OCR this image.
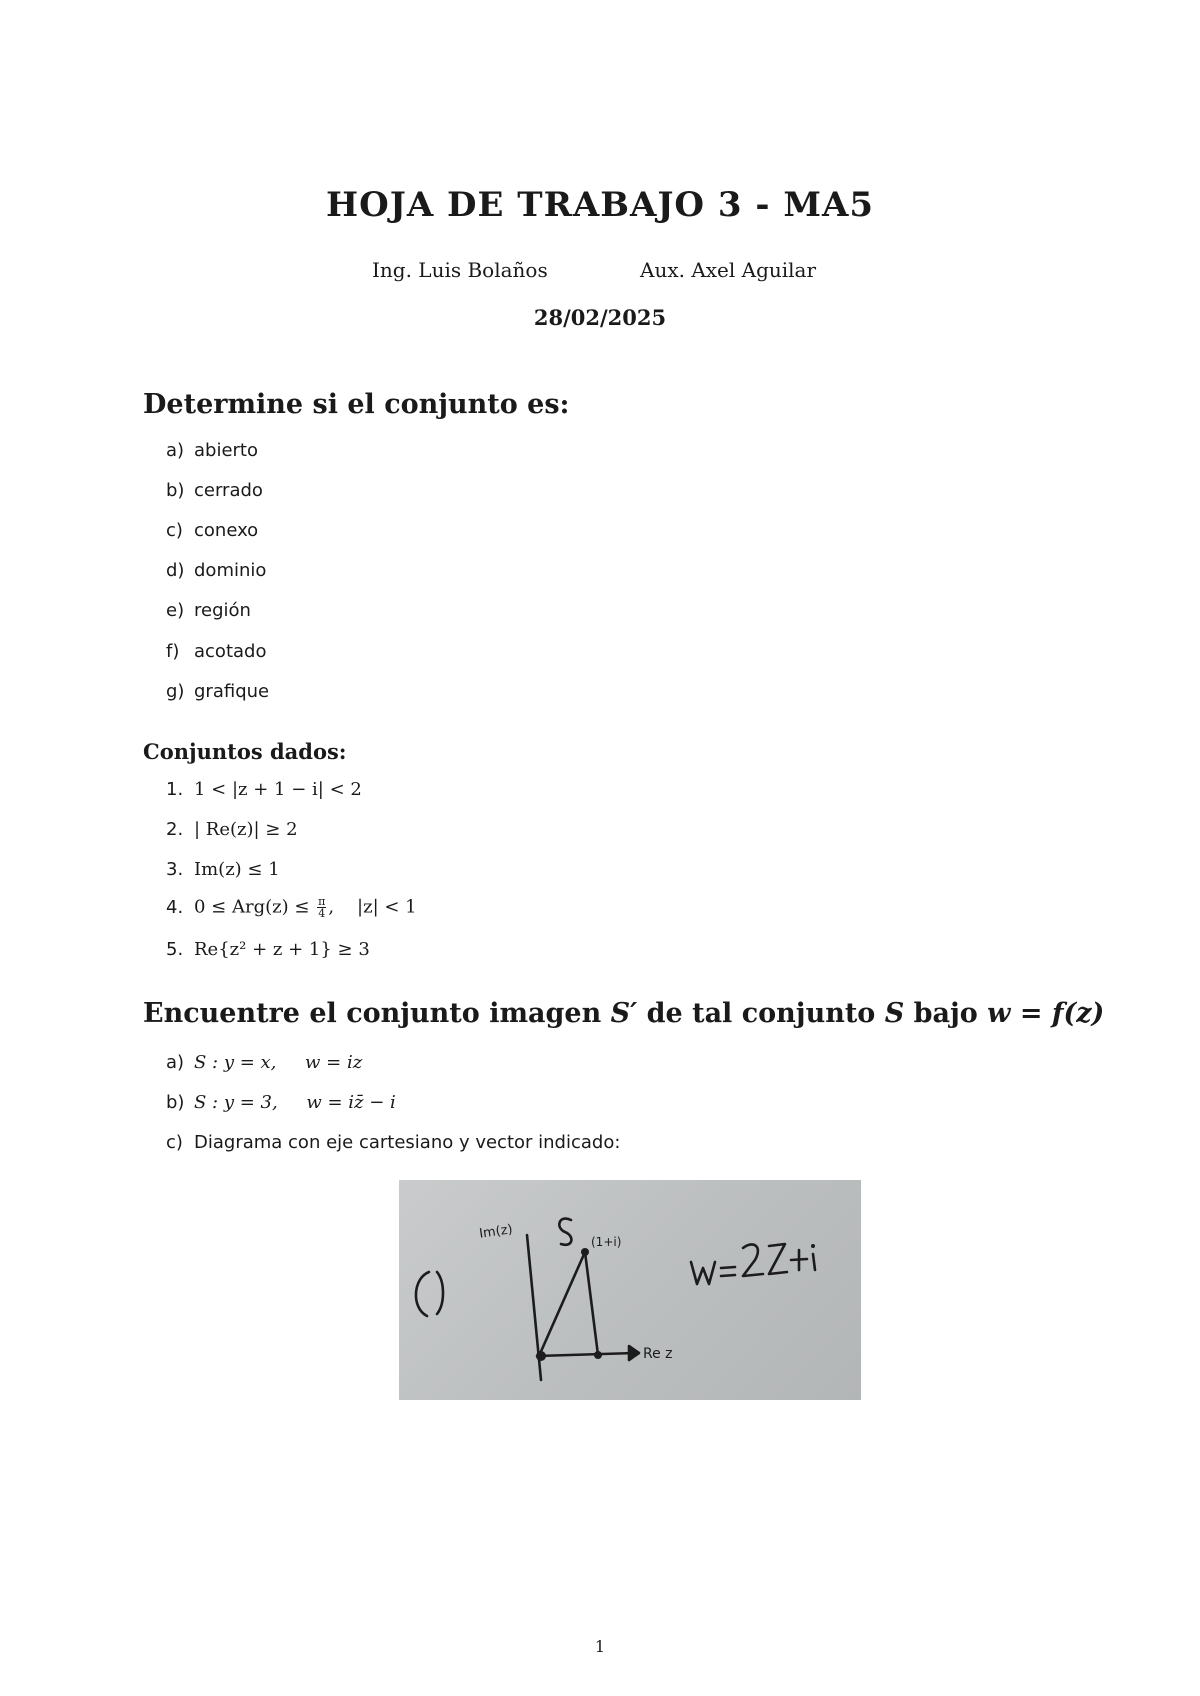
HOJA DE TRABAJO 3 - MA5
Ing. Luis Bolaños	Aux. Axel Aguilar
28/02/2025
Determine si el conjunto es:
a) abierto
b) cerrado
c) conexo
d) dominio
e) región
f) acotado
g) grafique
Conjuntos dados:
1. 1 < |z + 1 − i| < 2
2. | Re(z)| ≥ 2
3. Im(z) ≤ 1
4. $0 \le Arg(z) \le \frac{\pi}{4}$ ,    |z| < 1
5. Re{z² + z + 1} ≥ 3
Encuentre el conjunto imagen S′ de tal conjunto S bajo w = f(z)
a) S : y = x,     w = iz
b) S : y = 3,     w = iz̄ − i
c) Diagrama con eje cartesiano y vector indicado:
Im(z)
(1+i)
Re z
1
